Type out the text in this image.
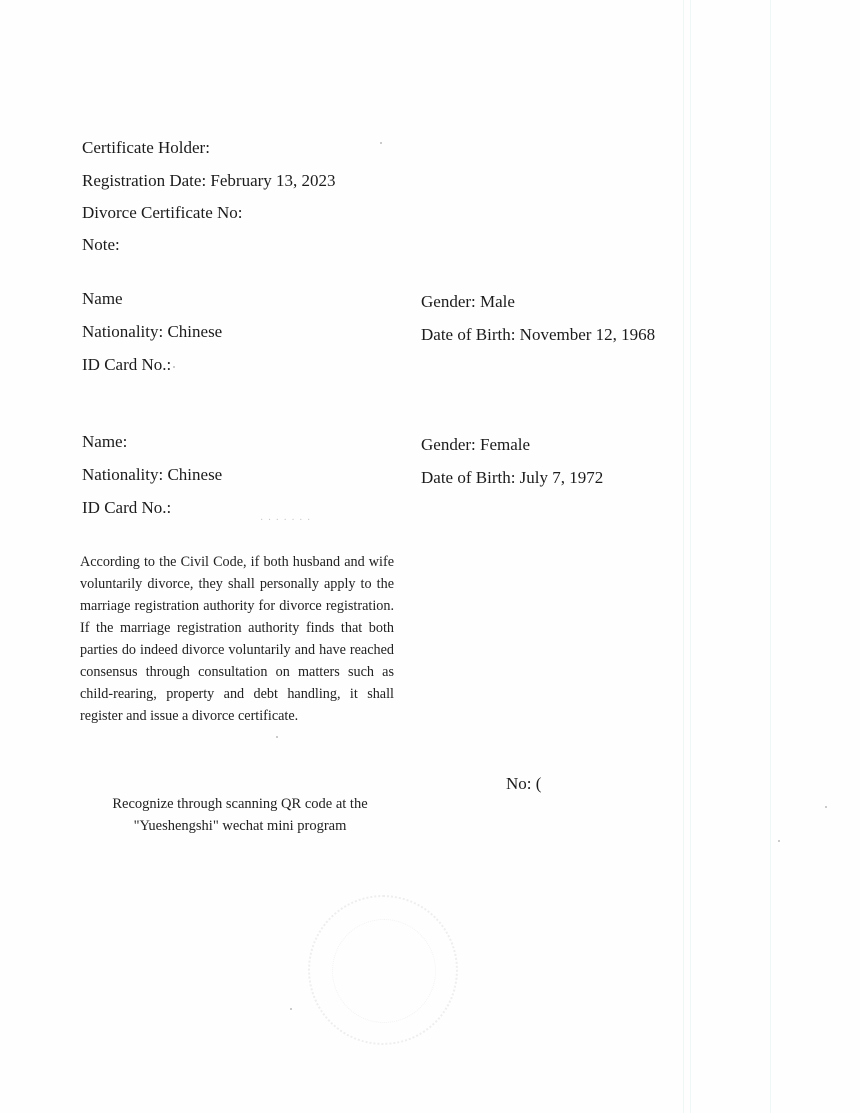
Certificate Holder:
Registration Date: February 13, 2023
Divorce Certificate No:
Note:
Name
Nationality: Chinese
ID Card No.:
Gender: Male
Date of Birth: November 12, 1968
Name:
Nationality: Chinese
ID Card No.:
Gender: Female
Date of Birth: July 7, 1972
· · · · · · ·
According to the Civil Code, if both husband and wife voluntarily divorce, they shall personally apply to the marriage registration authority for divorce registration. If the marriage registration authority finds that both parties do indeed divorce voluntarily and have reached consensus through consultation on matters such as child-rearing, property and debt handling, it shall register and issue a divorce certificate.
Recognize through scanning QR code at the
"Yueshengshi" wechat mini program
No: (
